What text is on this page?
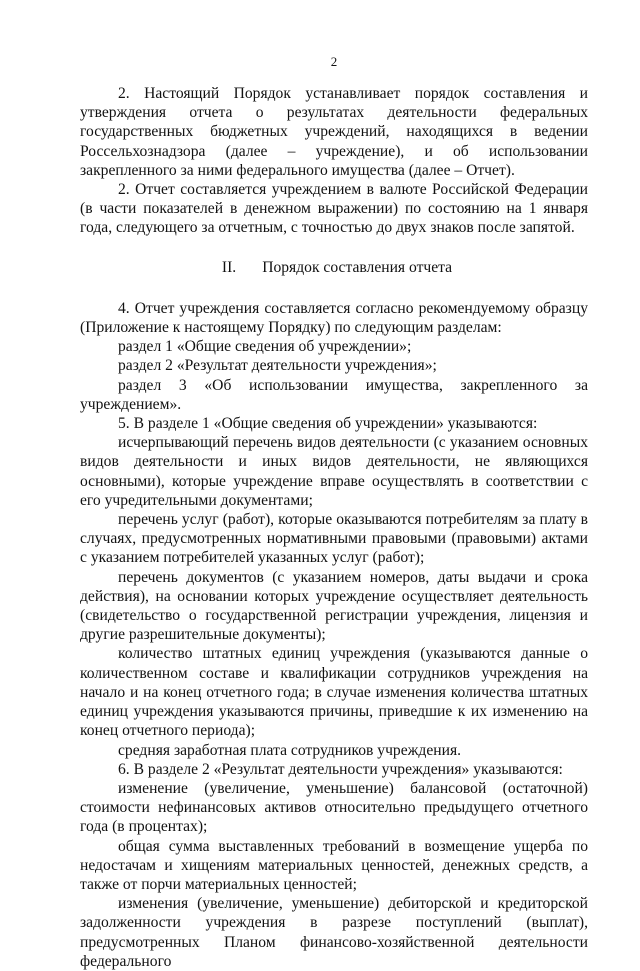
2

2. Настоящий Порядок устанавливает порядок составления и утверждения отчета о результатах деятельности федеральных государственных бюджетных учреждений, находящихся в ведении Россельхознадзора (далее – учреждение), и об использовании закрепленного за ними федерального имущества (далее – Отчет).

2. Отчет составляется учреждением в валюте Российской Федерации (в части показателей в денежном выражении) по состоянию на 1 января года, следующего за отчетным, с точностью до двух знаков после запятой.

II. Порядок составления отчета

4. Отчет учреждения составляется согласно рекомендуемому образцу (Приложение к настоящему Порядку) по следующим разделам:

раздел 1 «Общие сведения об учреждении»;

раздел 2 «Результат деятельности учреждения»;

раздел 3 «Об использовании имущества, закрепленного за учреждением».

5. В разделе 1 «Общие сведения об учреждении» указываются:

исчерпывающий перечень видов деятельности (с указанием основных видов деятельности и иных видов деятельности, не являющихся основными), которые учреждение вправе осуществлять в соответствии с его учредительными документами;

перечень услуг (работ), которые оказываются потребителям за плату в случаях, предусмотренных нормативными правовыми (правовыми) актами с указанием потребителей указанных услуг (работ);

перечень документов (с указанием номеров, даты выдачи и срока действия), на основании которых учреждение осуществляет деятельность (свидетельство о государственной регистрации учреждения, лицензия и другие разрешительные документы);

количество штатных единиц учреждения (указываются данные о количественном составе и квалификации сотрудников учреждения на начало и на конец отчетного года; в случае изменения количества штатных единиц учреждения указываются причины, приведшие к их изменению на конец отчетного периода);

средняя заработная плата сотрудников учреждения.

6. В разделе 2 «Результат деятельности учреждения» указываются:

изменение (увеличение, уменьшение) балансовой (остаточной) стоимости нефинансовых активов относительно предыдущего отчетного года (в процентах);

общая сумма выставленных требований в возмещение ущерба по недостачам и хищениям материальных ценностей, денежных средств, а также от порчи материальных ценностей;

изменения (увеличение, уменьшение) дебиторской и кредиторской задолженности учреждения в разрезе поступлений (выплат), предусмотренных Планом финансово-хозяйственной деятельности федерального
